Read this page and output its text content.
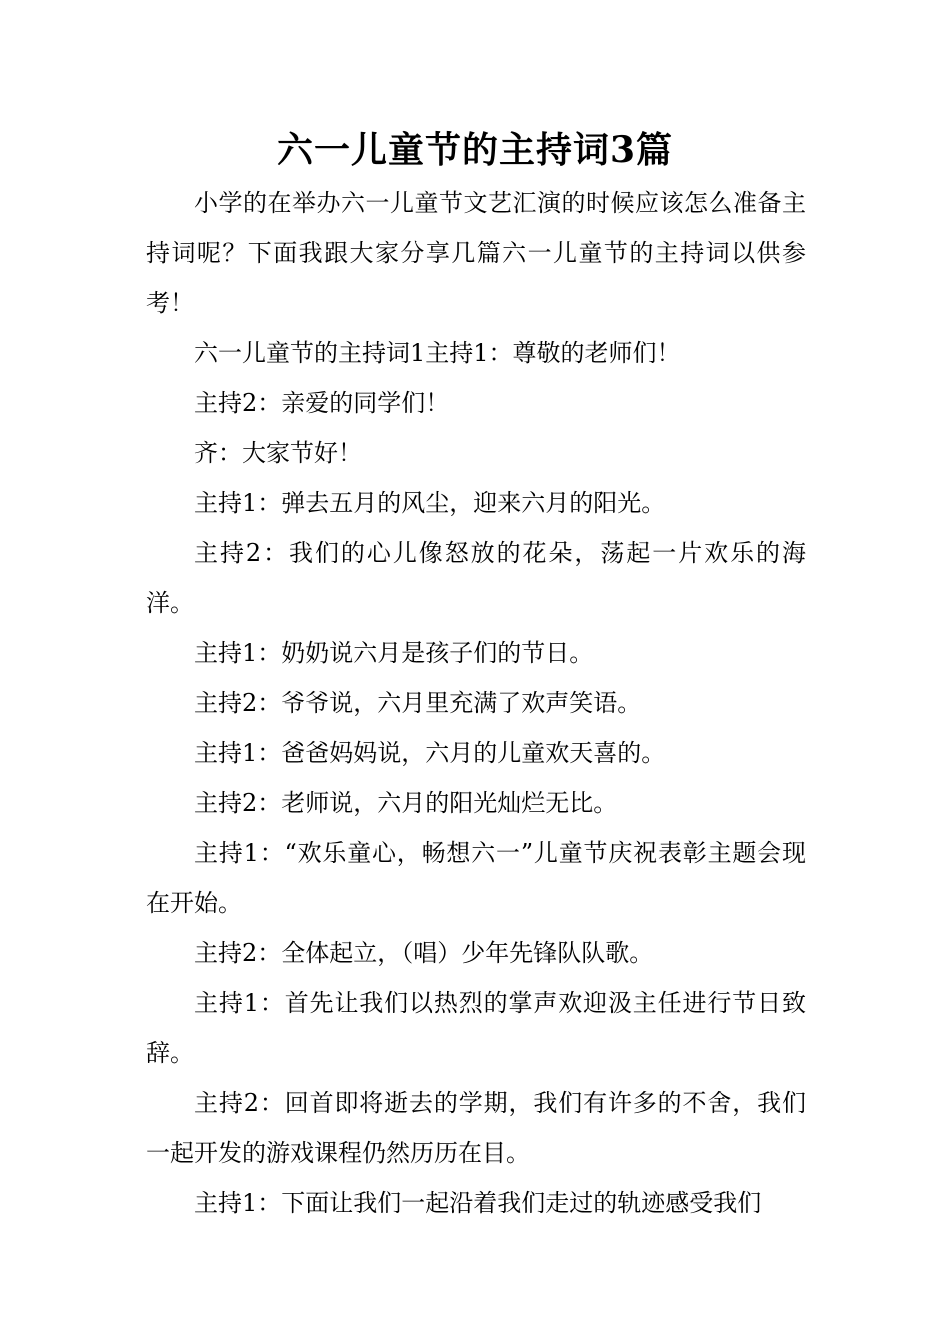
六一儿童节的主持词3篇

小学的在举办六一儿童节文艺汇演的时候应该怎么准备主持词呢？下面我跟大家分享几篇六一儿童节的主持词以供参考！

六一儿童节的主持词1主持1：尊敬的老师们！

主持2：亲爱的同学们！

齐：大家节好！

主持1：弹去五月的风尘，迎来六月的阳光。

主持2：我们的心儿像怒放的花朵，荡起一片欢乐的海洋。

主持1：奶奶说六月是孩子们的节日。

主持2：爷爷说，六月里充满了欢声笑语。

主持1：爸爸妈妈说，六月的儿童欢天喜的。

主持2：老师说，六月的阳光灿烂无比。

主持1：“欢乐童心，畅想六一”儿童节庆祝表彰主题会现在开始。

主持2：全体起立，（唱）少年先锋队队歌。

主持1：首先让我们以热烈的掌声欢迎汲主任进行节日致辞。

主持2：回首即将逝去的学期，我们有许多的不舍，我们一起开发的游戏课程仍然历历在目。

主持1：下面让我们一起沿着我们走过的轨迹感受我们
